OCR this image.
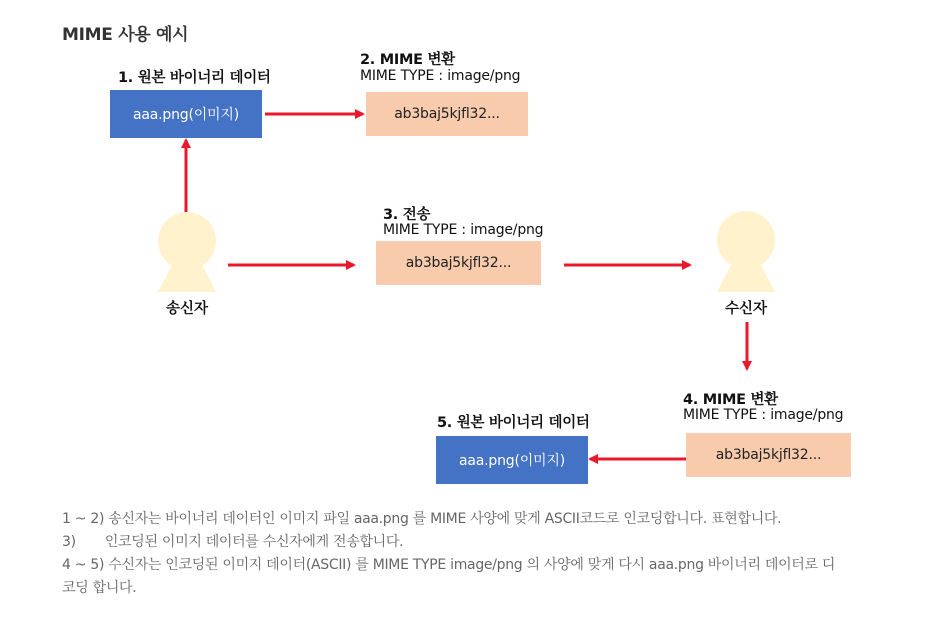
MIME 사용 예시
1. 원본 바이너리 데이터
aaa.png(이미지)
2. MIME 변환
MIME TYPE : image/png
ab3baj5kjfl32...
3. 전송
MIME TYPE : image/png
ab3baj5kjfl32...
4. MIME 변환
MIME TYPE : image/png
ab3baj5kjfl32...
5. 원본 바이너리 데이터
aaa.png(이미지)
송신자	수신자
1 ~ 2) 송신자는 바이너리 데이터인 이미지 파일 aaa.png 를 MIME 사양에 맞게 ASCII코드로 인코딩합니다. 표현합니다.
3)       인코딩된 이미지 데이터를 수신자에게 전송합니다.
4 ~ 5) 수신자는 인코딩된 이미지 데이터(ASCII) 를 MIME TYPE image/png 의 사양에 맞게 다시 aaa.png 바이너리 데이터로 디
코딩 합니다.
